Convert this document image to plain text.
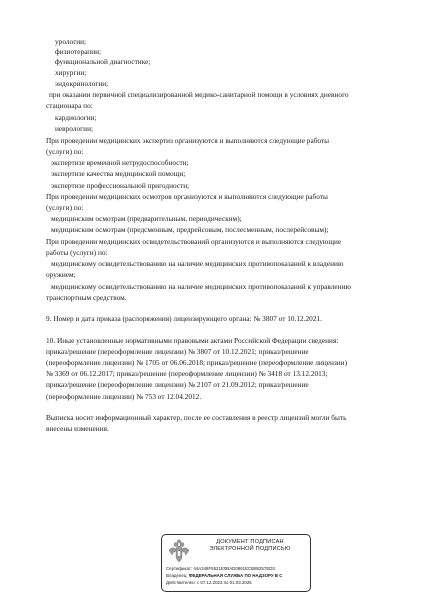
урологии;
физиотерапии;
функциональной диагностике;
хирургии;
эндокринологии;
при оказании первичной специализированной медико-санитарной помощи в условиях дневного
стационара по:
кардиологии;
неврологии;
При проведении медицинских экспертиз организуются и выполняются следующие работы
(услуги) по:
экспертизе временной нетрудоспособности;
экспертизе качества медицинской помощи;
экспертизе профессиональной пригодности;
При проведении медицинских осмотров организуются и выполняются следующие работы
(услуги) по:
медицинским осмотрам (предварительным, периодическим);
медицинским осмотрам (предсменным, предрейсовым, послесменным, послерейсовым);
При проведении медицинских освидетельствований организуются и выполняются следующие
работы (услуги) по:
медицинскому освидетельствованию на наличие медицинских противопоказаний к владению
оружием;
медицинскому освидетельствованию на наличие медицинских противопоказаний к управлению
транспортным средством.
9. Номер и дата приказа (распоряжения) лицензирующего органа: № 3807 от 10.12.2021.
10. Иные установленные нормативными правовыми актами Российской Федерации сведения:
приказ/решение (переоформление лицензии) № 3807 от 10.12.2021; приказ/решение
(переоформление лицензии) № 1705 от 06.06.2018; приказ/решение (переоформление лицензии)
№ 3369 от 06.12.2017; приказ/решение (переоформление лицензии) № 3418 от 13.12.2013;
приказ/решение (переоформление лицензии) № 2107 от 21.09.2012; приказ/решение
(переоформление лицензии) № 753 от 12.04.2012.
Выписка носит информационный характер, после ее составления в реестр лицензий могли быть
внесены изменения.
ДОКУМЕНТ ПОДПИСАН
ЭЛЕКТРОННОЙ ПОДПИСЬЮ
Сертификат: 44A348F5521E0BAD0861ECB88257ED3
Владелец: ФЕДЕРАЛЬНАЯ СЛУЖБА ПО НАДЗОРУ В С
Действителен: с 07.12.2023 по 01.03.2025
